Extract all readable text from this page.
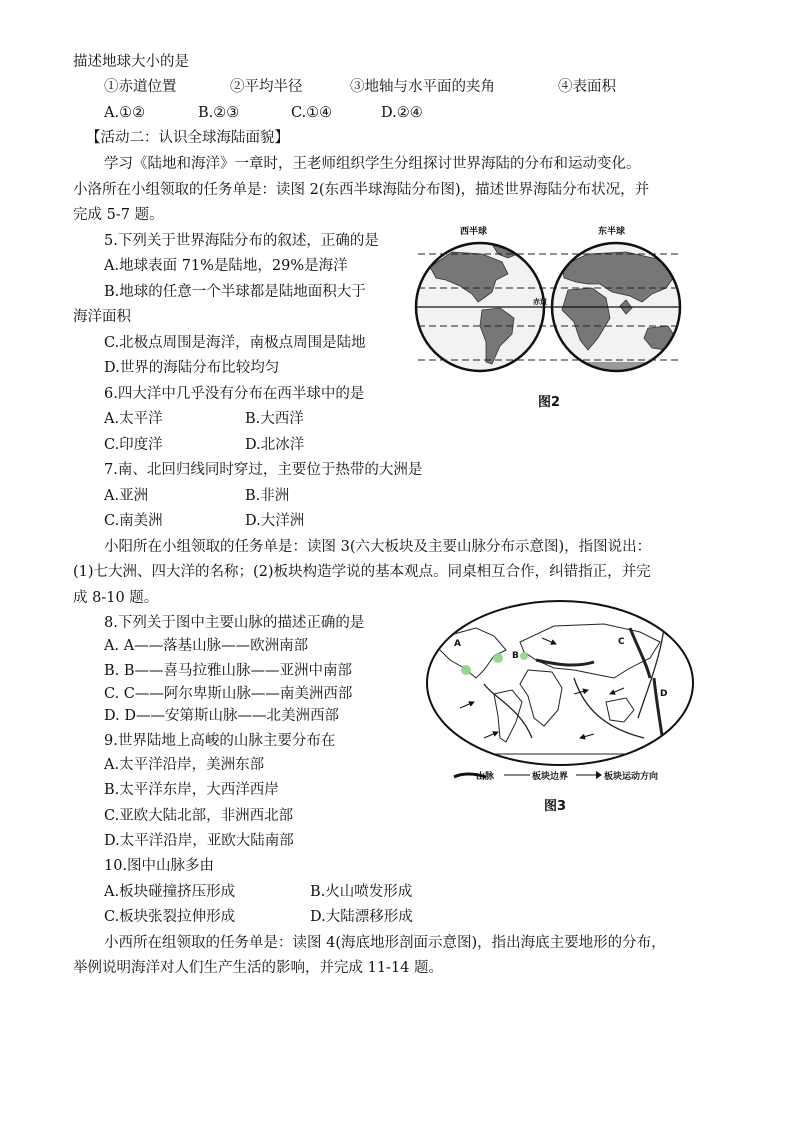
描述地球大小的是
①赤道位置	②平均半径	③地轴与水平面的夹角	④表面积
A.①②	B.②③	C.①④	D.②④
【活动二：认识全球海陆面貌】
学习《陆地和海洋》一章时，王老师组织学生分组探讨世界海陆的分布和运动变化。
小洛所在小组领取的任务单是：读图 2(东西半球海陆分布图)，描述世界海陆分布状况，并
完成 5-7 题。
5.下列关于世界海陆分布的叙述，正确的是
A.地球表面 71%是陆地，29%是海洋
B.地球的任意一个半球都是陆地面积大于
海洋面积
C.北极点周围是海洋，南极点周围是陆地
D.世界的海陆分布比较均匀
6.四大洋中几乎没有分布在西半球中的是
A.太平洋	B.大西洋
C.印度洋	D.北冰洋
7.南、北回归线同时穿过，主要位于热带的大洲是
A.亚洲	B.非洲
C.南美洲	D.大洋洲
西半球	东半球
赤道
图2
小阳所在小组领取的任务单是：读图 3(六大板块及主要山脉分布示意图)，指图说出：
(1)七大洲、四大洋的名称；(2)板块构造学说的基本观点。同桌相互合作，纠错指正，并完
成 8-10 题。
8.下列关于图中主要山脉的描述正确的是
A. A——落基山脉——欧洲南部
B. B——喜马拉雅山脉——亚洲中南部
C. C——阿尔卑斯山脉——南美洲西部
D. D——安第斯山脉——北美洲西部
9.世界陆地上高峻的山脉主要分布在
A.太平洋沿岸，美洲东部
B.太平洋东岸，大西洋西岸
C.亚欧大陆北部，非洲西北部
D.太平洋沿岸，亚欧大陆南部
10.图中山脉多由
A.板块碰撞挤压形成	B.火山喷发形成
C.板块张裂拉伸形成	D.大陆漂移形成
C
D
A
B
山脉	板块边界	板块运动方向
图3
小西所在组领取的任务单是：读图 4(海底地形剖面示意图)，指出海底主要地形的分布，
举例说明海洋对人们生产生活的影响，并完成 11-14 题。
